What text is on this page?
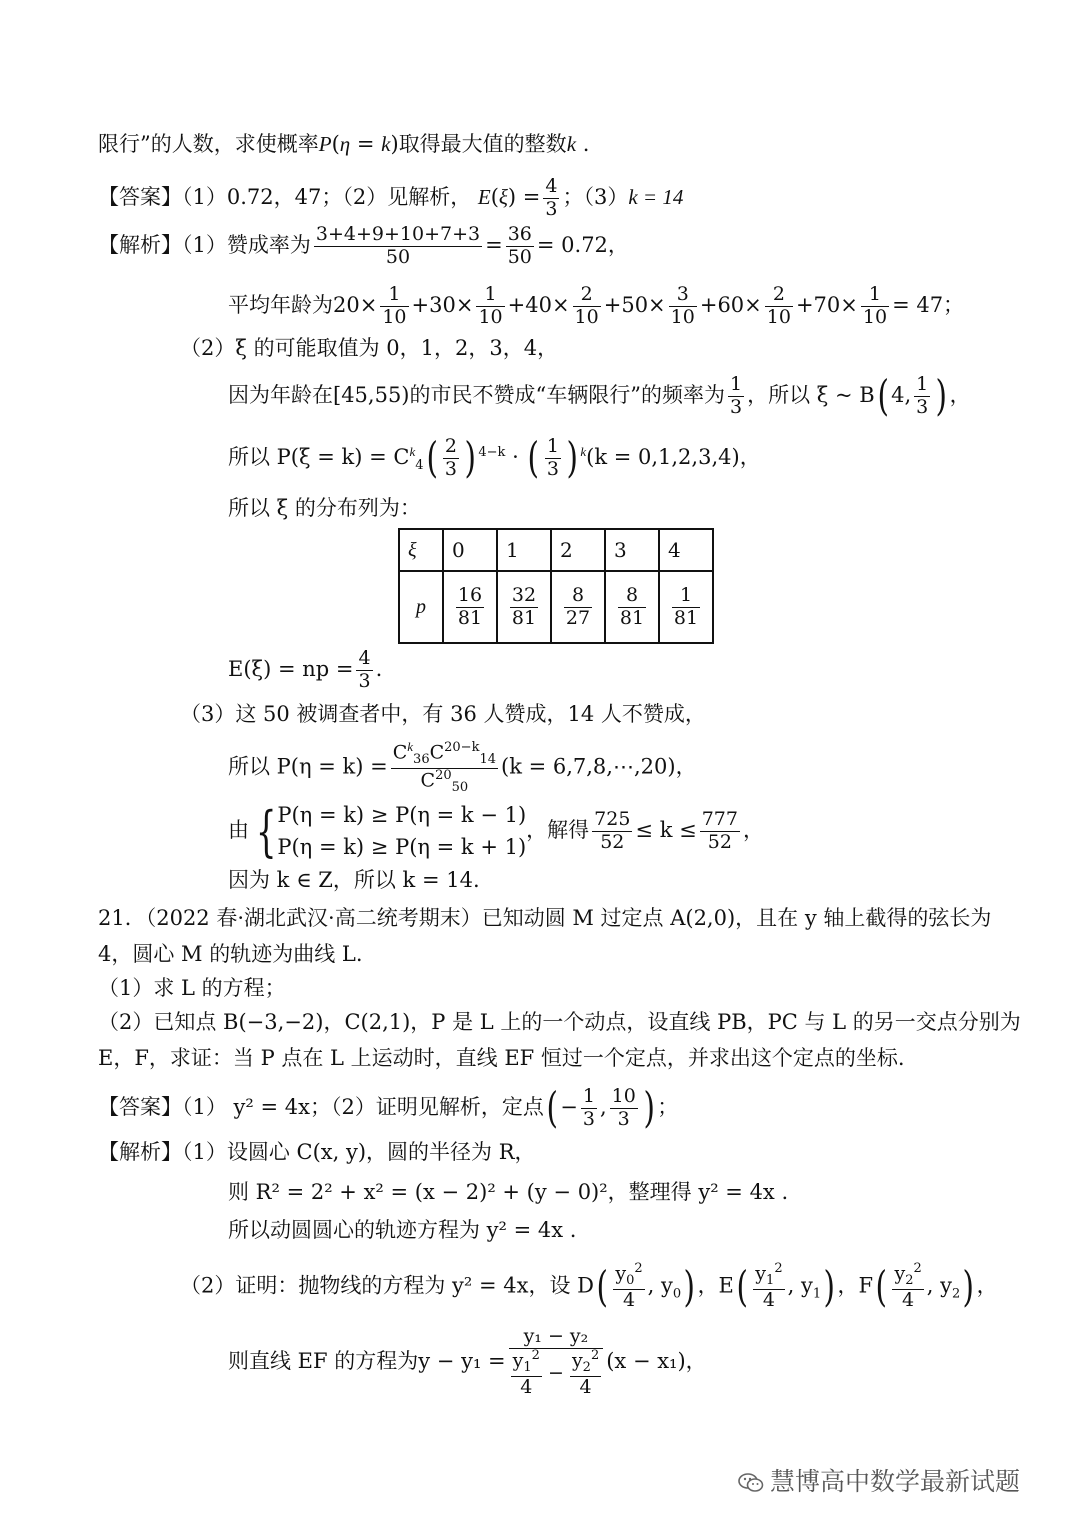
限行”的人数，求使概率P(η = k)取得最大值的整数k .
【答案】（1）0.72，47；（2）见解析， $E(\xi) = \frac{4}{3}$ ；（3）k = 14
【解析】（1）赞成率为 $\frac{3+4+9+10+7+3}{50} = \frac{36}{50} = 0.72$，
平均年龄为$20\times \frac{1}{10} +30\times \frac{1}{10} +40\times \frac{2}{10} +50\times \frac{3}{10} +60\times \frac{2}{10} +70\times \frac{1}{10} = 47$；
（2）ξ 的可能取值为 0，1，2，3，4，
因为年龄在[45,55)的市民不赞成“车辆限行”的频率为 $\frac{1}{3}$ ，所以 ξ ~ B( 4, $\frac{1}{3}$ ) ，
所以 $P(\xi = k) = C^k_4( \frac{2}{3}$ ) $^{4-k}$ · ( $\frac{1}{3}$ ) $^k$(k = 0,1,2,3,4)，
所以 ξ 的分布列为：
ξ	0	1	2	3	4
p	$\frac{16}{81}$	$\frac{32}{81}$	$\frac{8}{27}$	$\frac{8}{81}$	$\frac{1}{81}$
E(ξ) = np = $\frac{4}{3}$ .
（3）这 50 被调查者中，有 36 人赞成，14 人不赞成，
所以 $P(\eta = k) = \frac{C^k_{36}C^{20-k}_{14}}{C^{20}_{50}} (k$ = 6,7,8,⋯,20)，
由 {P(η = k) ≥ P(η = k − 1)
P(η = k) ≥ P(η = k + 1)，解得 $\frac{725}{52} \le k \le \frac{777}{52}$ ，
因为 k ∈ Z，所以 k = 14.
21．（2022 春·湖北武汉·高二统考期末）已知动圆 M 过定点 A(2,0)，且在 y 轴上截得的弦长为
4，圆心 M 的轨迹为曲线 L.
（1）求 L 的方程；
（2）已知点 B(−3,−2)，C(2,1)，P 是 L 上的一个动点，设直线 PB，PC 与 L 的另一交点分别为
E，F，求证：当 P 点在 L 上运动时，直线 EF 恒过一个定点，并求出这个定点的坐标.
【答案】（1） y² = 4x；（2）证明见解析，定点( − $\frac{1}{3}$ , $\frac{10}{3}$ ) ；
【解析】（1）设圆心 C(x, y)，圆的半径为 R，
则 R² = 2² + x² = (x − 2)² + (y − 0)²，整理得 y² = 4x .
所以动圆圆心的轨迹方程为 y² = 4x .
（2）证明：抛物线的方程为 y² = 4x，设 $D( \frac{y_0^2}{4}$ , $y_0$) ，$E( \frac{y_1^2}{4}$ , $y_1$) ，$F( \frac{y_2^2}{4}$ , $y_2$) ，
则直线 EF 的方程为$y - y_1 = \frac{\text{y₁ − y₂}}{\frac{y_1^2}{4} - \frac{y_2^2}{4}} (x - x_1)$，
慧博高中数学最新试题
